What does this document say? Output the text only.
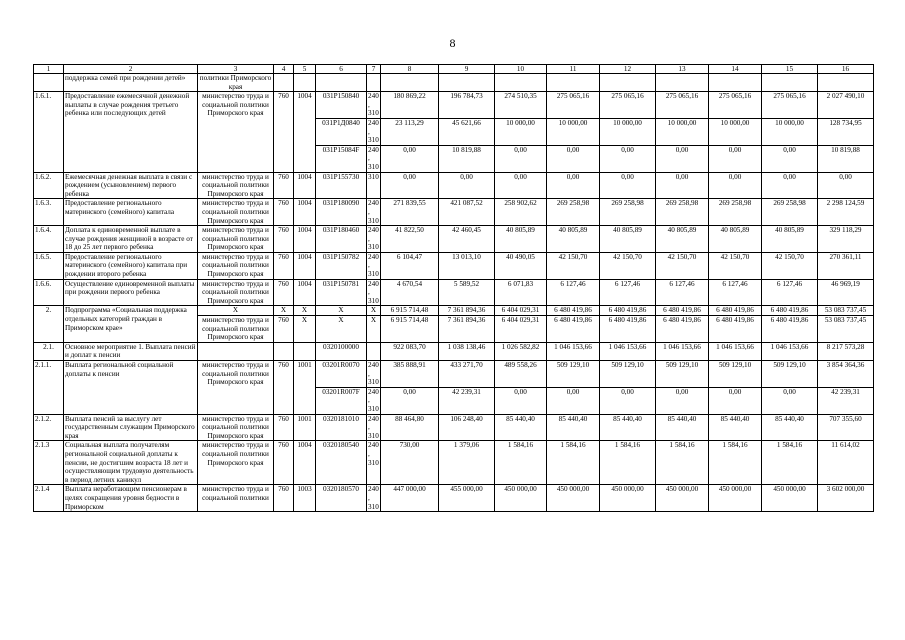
8
1	2	3	4	5	6	7	8	9	10	11	12	13	14	15	16
	поддержка семей при рождении детей»	политики Приморского края													
1.6.1.	Предоставление ежемесячной денежной выплаты в случае рождения третьего ребенка или последующих детей	министерство труда и социальной политики Приморского края	760	1004	031P150840	240, 310	180 869,22	196 784,73	274 510,35	275 065,16	275 065,16	275 065,16	275 065,16	275 065,16	2 027 490,10
					031P1Д0840	240, 310	23 113,29	45 621,66	10 000,00	10 000,00	10 000,00	10 000,00	10 000,00	10 000,00	128 734,95
					031P15084F	240, 310	0,00	10 819,88	0,00	0,00	0,00	0,00	0,00	0,00	10 819,88
1.6.2.	Ежемесячная денежная выплата в связи с рождением (усыновлением) первого ребенка	министерство труда и социальной политики Приморского края	760	1004	031P155730	310	0,00	0,00	0,00	0,00	0,00	0,00	0,00	0,00	0,00
1.6.3.	Предоставление регионального материнского (семейного) капитала	министерство труда и социальной политики Приморского края	760	1004	031P180090	240, 310	271 839,55	421 087,52	258 902,62	269 258,98	269 258,98	269 258,98	269 258,98	269 258,98	2 298 124,59
1.6.4.	Доплата к единовременной выплате в случае рождения женщиной в возрасте от 18 до 25 лет первого ребенка	министерство труда и социальной политики Приморского края	760	1004	031P180460	240, 310	41 822,50	42 460,45	40 805,89	40 805,89	40 805,89	40 805,89	40 805,89	40 805,89	329 118,29
1.6.5.	Предоставление регионального материнского (семейного) капитала при рождении второго ребенка	министерство труда и социальной политики Приморского края	760	1004	031P150782	240, 310	6 104,47	13 013,10	40 490,05	42 150,70	42 150,70	42 150,70	42 150,70	42 150,70	270 361,11
1.6.6.	Осуществление единовременной выплаты при рождении первого ребенка	министерство труда и социальной политики Приморского края	760	1004	031P150781	240, 310	4 670,54	5 589,52	6 071,83	6 127,46	6 127,46	6 127,46	6 127,46	6 127,46	46 969,19
2.	Подпрограмма «Социальная поддержка отдельных категорий граждан в Приморском крае»	X	X	X	X	X	6 915 714,48	7 361 894,36	6 404 029,31	6 480 419,86	6 480 419,86	6 480 419,86	6 480 419,86	6 480 419,86	53 083 737,45
		министерство труда и социальной политики Приморского края	760	X	X	X	6 915 714,48	7 361 894,36	6 404 029,31	6 480 419,86	6 480 419,86	6 480 419,86	6 480 419,86	6 480 419,86	53 083 737,45
2.1.	Основное мероприятие 1. Выплата пенсий и доплат к пенсии				0320100000		922 083,70	1 038 138,46	1 026 582,82	1 046 153,66	1 046 153,66	1 046 153,66	1 046 153,66	1 046 153,66	8 217 573,28
2.1.1.	Выплата региональной социальной доплаты к пенсии	министерство труда и социальной политики Приморского края	760	1001	03201R0070	240, 310	385 888,91	433 271,70	489 558,26	509 129,10	509 129,10	509 129,10	509 129,10	509 129,10	3 854 364,36
					03201R007F	240, 310	0,00	42 239,31	0,00	0,00	0,00	0,00	0,00	0,00	42 239,31
2.1.2.	Выплата пенсий за выслугу лет государственным служащим Приморского края	министерство труда и социальной политики Приморского края	760	1001	0320181010	240, 310	88 464,80	106 248,40	85 440,40	85 440,40	85 440,40	85 440,40	85 440,40	85 440,40	707 355,60
2.1.3	Социальная выплата получателям региональной социальной доплаты к пенсии, не достигшим возраста 18 лет и осуществляющим трудовую деятельность в период летних каникул	министерство труда и социальной политики Приморского края	760	1004	0320180540	240, 310	730,00	1 379,06	1 584,16	1 584,16	1 584,16	1 584,16	1 584,16	1 584,16	11 614,02
2.1.4	Выплата неработающим пенсионерам в целях сокращения уровня бедности в Приморском	министерство труда и социальной политики	760	1003	0320180570	240, 310	447 000,00	455 000,00	450 000,00	450 000,00	450 000,00	450 000,00	450 000,00	450 000,00	3 602 000,00
